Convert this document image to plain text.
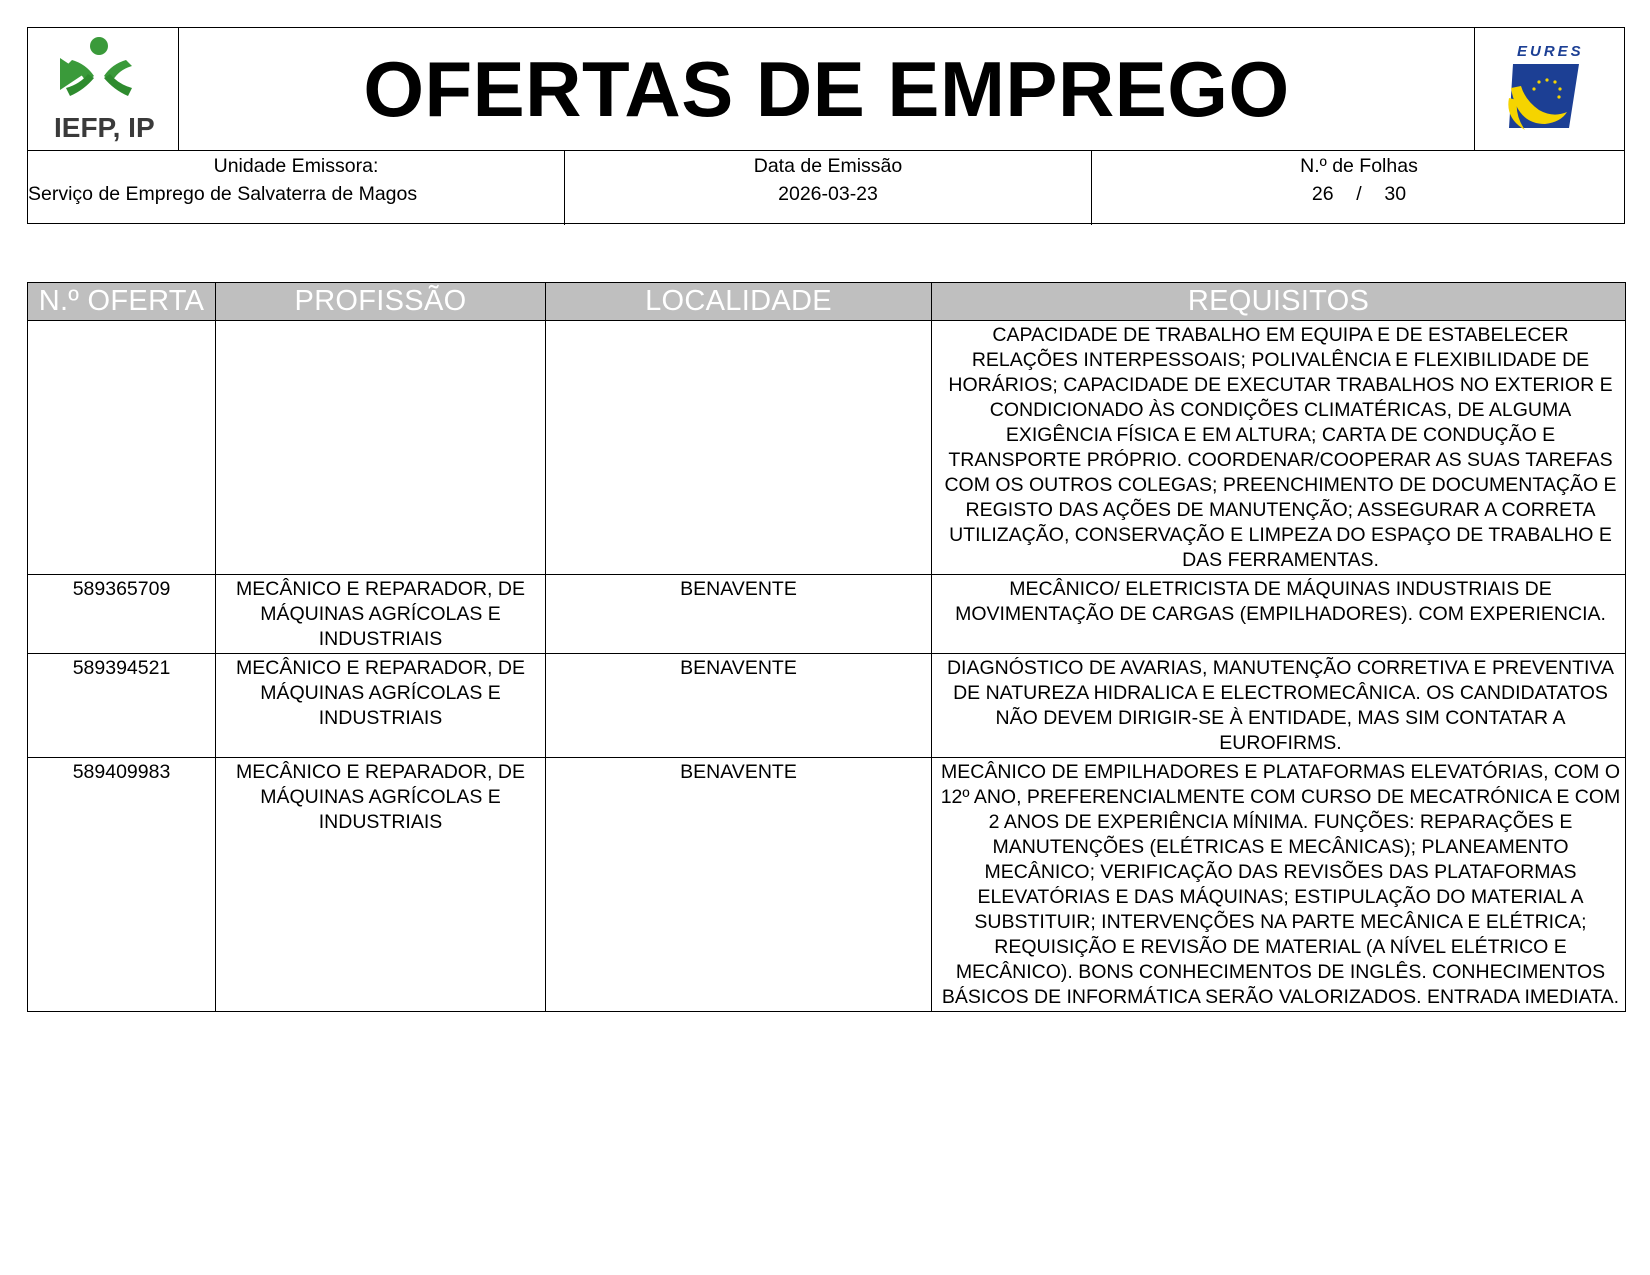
IEFP, IP	OFERTAS DE EMPREGO	EURES
Unidade Emissora:
Serviço de Emprego de Salvaterra de Magos
Data de Emissão
2026-03-23
N.º de Folhas
26 / 30
N.º OFERTA	PROFISSÃO	LOCALIDADE	REQUISITOS
			CAPACIDADE DE TRABALHO EM EQUIPA E DE ESTABELECER RELAÇÕES INTERPESSOAIS; POLIVALÊNCIA E FLEXIBILIDADE DE HORÁRIOS; CAPACIDADE DE EXECUTAR TRABALHOS NO EXTERIOR E CONDICIONADO ÀS CONDIÇÕES CLIMATÉRICAS, DE ALGUMA EXIGÊNCIA FÍSICA E EM ALTURA; CARTA DE CONDUÇÃO E TRANSPORTE PRÓPRIO. COORDENAR/COOPERAR AS SUAS TAREFAS COM OS OUTROS COLEGAS; PREENCHIMENTO DE DOCUMENTAÇÃO E REGISTO DAS AÇÕES DE MANUTENÇÃO; ASSEGURAR A CORRETA UTILIZAÇÃO, CONSERVAÇÃO E LIMPEZA DO ESPAÇO DE TRABALHO E DAS FERRAMENTAS.
589365709	MECÂNICO E REPARADOR, DE MÁQUINAS AGRÍCOLAS E INDUSTRIAIS	BENAVENTE	MECÂNICO/ ELETRICISTA DE MÁQUINAS INDUSTRIAIS DE MOVIMENTAÇÃO DE CARGAS (EMPILHADORES). COM EXPERIENCIA.
589394521	MECÂNICO E REPARADOR, DE MÁQUINAS AGRÍCOLAS E INDUSTRIAIS	BENAVENTE	DIAGNÓSTICO DE AVARIAS, MANUTENÇÃO CORRETIVA E PREVENTIVA DE NATUREZA HIDRALICA E ELECTROMECÂNICA. OS CANDIDATATOS NÃO DEVEM DIRIGIR-SE À ENTIDADE, MAS SIM CONTATAR A EUROFIRMS.
589409983	MECÂNICO E REPARADOR, DE MÁQUINAS AGRÍCOLAS E INDUSTRIAIS	BENAVENTE	MECÂNICO DE EMPILHADORES E PLATAFORMAS ELEVATÓRIAS, COM O 12º ANO, PREFERENCIALMENTE COM CURSO DE MECATRÓNICA E COM 2 ANOS DE EXPERIÊNCIA MÍNIMA. FUNÇÕES: REPARAÇÕES E MANUTENÇÕES (ELÉTRICAS E MECÂNICAS); PLANEAMENTO MECÂNICO; VERIFICAÇÃO DAS REVISÕES DAS PLATAFORMAS ELEVATÓRIAS E DAS MÁQUINAS; ESTIPULAÇÃO DO MATERIAL A SUBSTITUIR; INTERVENÇÕES NA PARTE MECÂNICA E ELÉTRICA; REQUISIÇÃO E REVISÃO DE MATERIAL (A NÍVEL ELÉTRICO E MECÂNICO). BONS CONHECIMENTOS DE INGLÊS. CONHECIMENTOS BÁSICOS DE INFORMÁTICA SERÃO VALORIZADOS. ENTRADA IMEDIATA.
